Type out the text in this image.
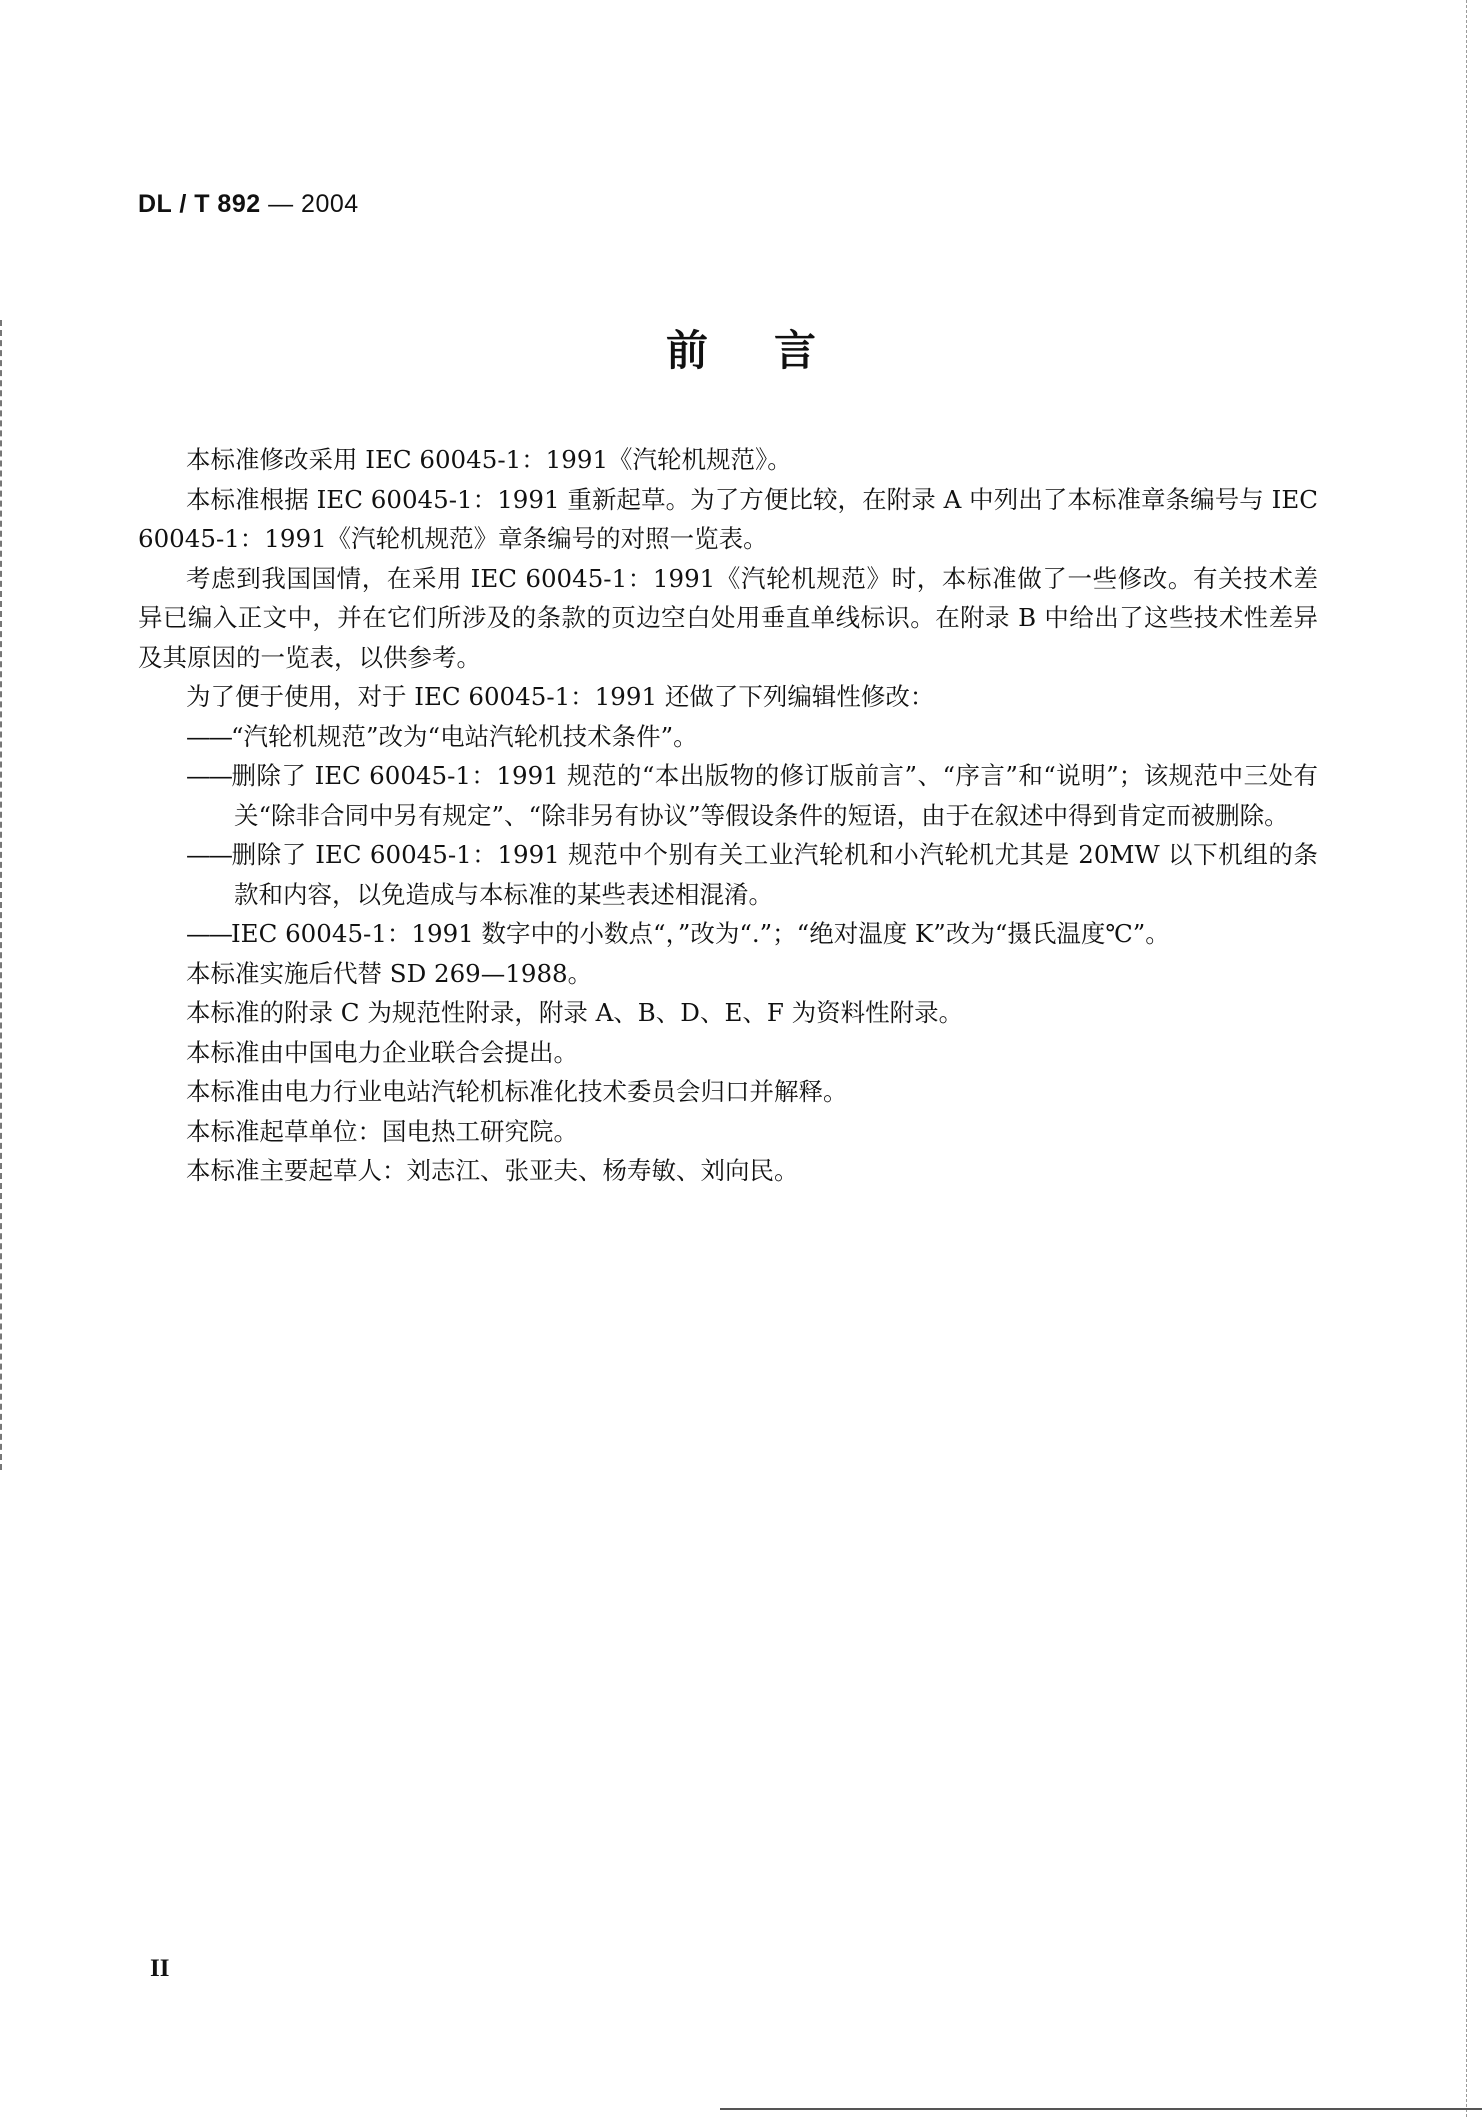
DL / T 892 — 2004
前言

本标准修改采用 IEC 60045-1：1991《汽轮机规范》。

本标准根据 IEC 60045-1：1991 重新起草。为了方便比较，在附录 A 中列出了本标准章条编号与 IEC 60045-1：1991《汽轮机规范》章条编号的对照一览表。

考虑到我国国情，在采用 IEC 60045-1：1991《汽轮机规范》时，本标准做了一些修改。有关技术差异已编入正文中，并在它们所涉及的条款的页边空白处用垂直单线标识。在附录 B 中给出了这些技术性差异及其原因的一览表，以供参考。

为了便于使用，对于 IEC 60045-1：1991 还做了下列编辑性修改：

——“汽轮机规范”改为“电站汽轮机技术条件”。

——删除了 IEC 60045-1：1991 规范的“本出版物的修订版前言”、“序言”和“说明”；该规范中三处有关“除非合同中另有规定”、“除非另有协议”等假设条件的短语，由于在叙述中得到肯定而被删除。

——删除了 IEC 60045-1：1991 规范中个别有关工业汽轮机和小汽轮机尤其是 20MW 以下机组的条款和内容，以免造成与本标准的某些表述相混淆。

——IEC 60045-1：1991 数字中的小数点“，”改为“.”；“绝对温度 K”改为“摄氏温度℃”。

本标准实施后代替 SD 269—1988。

本标准的附录 C 为规范性附录，附录 A、B、D、E、F 为资料性附录。

本标准由中国电力企业联合会提出。

本标准由电力行业电站汽轮机标准化技术委员会归口并解释。

本标准起草单位：国电热工研究院。

本标准主要起草人：刘志江、张亚夫、杨寿敏、刘向民。

II
